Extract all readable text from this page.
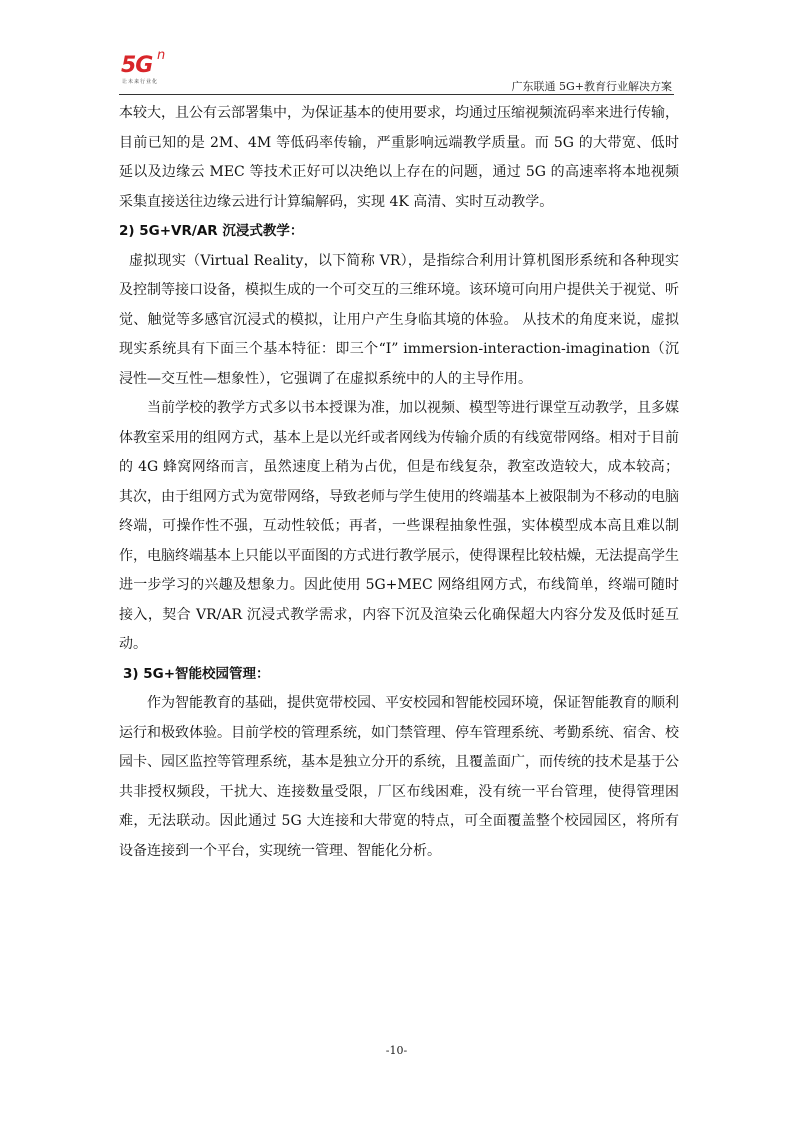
5G n
让未来行业化	广东联通 5G+教育行业解决方案

本较大，且公有云部署集中，为保证基本的使用要求，均通过压缩视频流码率来进行传输，目前已知的是 2M、4M 等低码率传输，严重影响远端教学质量。而 5G 的大带宽、低时延以及边缘云 MEC 等技术正好可以决绝以上存在的问题，通过 5G 的高速率将本地视频采集直接送往边缘云进行计算编解码，实现 4K 高清、实时互动教学。

2) 5G+VR/AR 沉浸式教学：

虚拟现实（Virtual Reality，以下简称 VR），是指综合利用计算机图形系统和各种现实及控制等接口设备，模拟生成的一个可交互的三维环境。该环境可向用户提供关于视觉、听觉、触觉等多感官沉浸式的模拟，让用户产生身临其境的体验。 从技术的角度来说，虚拟现实系统具有下面三个基本特征：即三个“I” immersion-interaction-imagination（沉浸性—交互性—想象性），它强调了在虚拟系统中的人的主导作用。

当前学校的教学方式多以书本授课为准，加以视频、模型等进行课堂互动教学，且多媒体教室采用的组网方式，基本上是以光纤或者网线为传输介质的有线宽带网络。相对于目前的 4G 蜂窝网络而言，虽然速度上稍为占优，但是布线复杂，教室改造较大，成本较高；其次，由于组网方式为宽带网络，导致老师与学生使用的终端基本上被限制为不移动的电脑终端，可操作性不强，互动性较低；再者，一些课程抽象性强，实体模型成本高且难以制作，电脑终端基本上只能以平面图的方式进行教学展示，使得课程比较枯燥，无法提高学生进一步学习的兴趣及想象力。因此使用 5G+MEC 网络组网方式，布线简单，终端可随时接入，契合 VR/AR 沉浸式教学需求，内容下沉及渲染云化确保超大内容分发及低时延互动。

3) 5G+智能校园管理：

作为智能教育的基础，提供宽带校园、平安校园和智能校园环境，保证智能教育的顺利运行和极致体验。目前学校的管理系统，如门禁管理、停车管理系统、考勤系统、宿舍、校园卡、园区监控等管理系统，基本是独立分开的系统，且覆盖面广，而传统的技术是基于公共非授权频段，干扰大、连接数量受限，厂区布线困难，没有统一平台管理，使得管理困难，无法联动。因此通过 5G 大连接和大带宽的特点，可全面覆盖整个校园园区，将所有设备连接到一个平台，实现统一管理、智能化分析。

-10-
